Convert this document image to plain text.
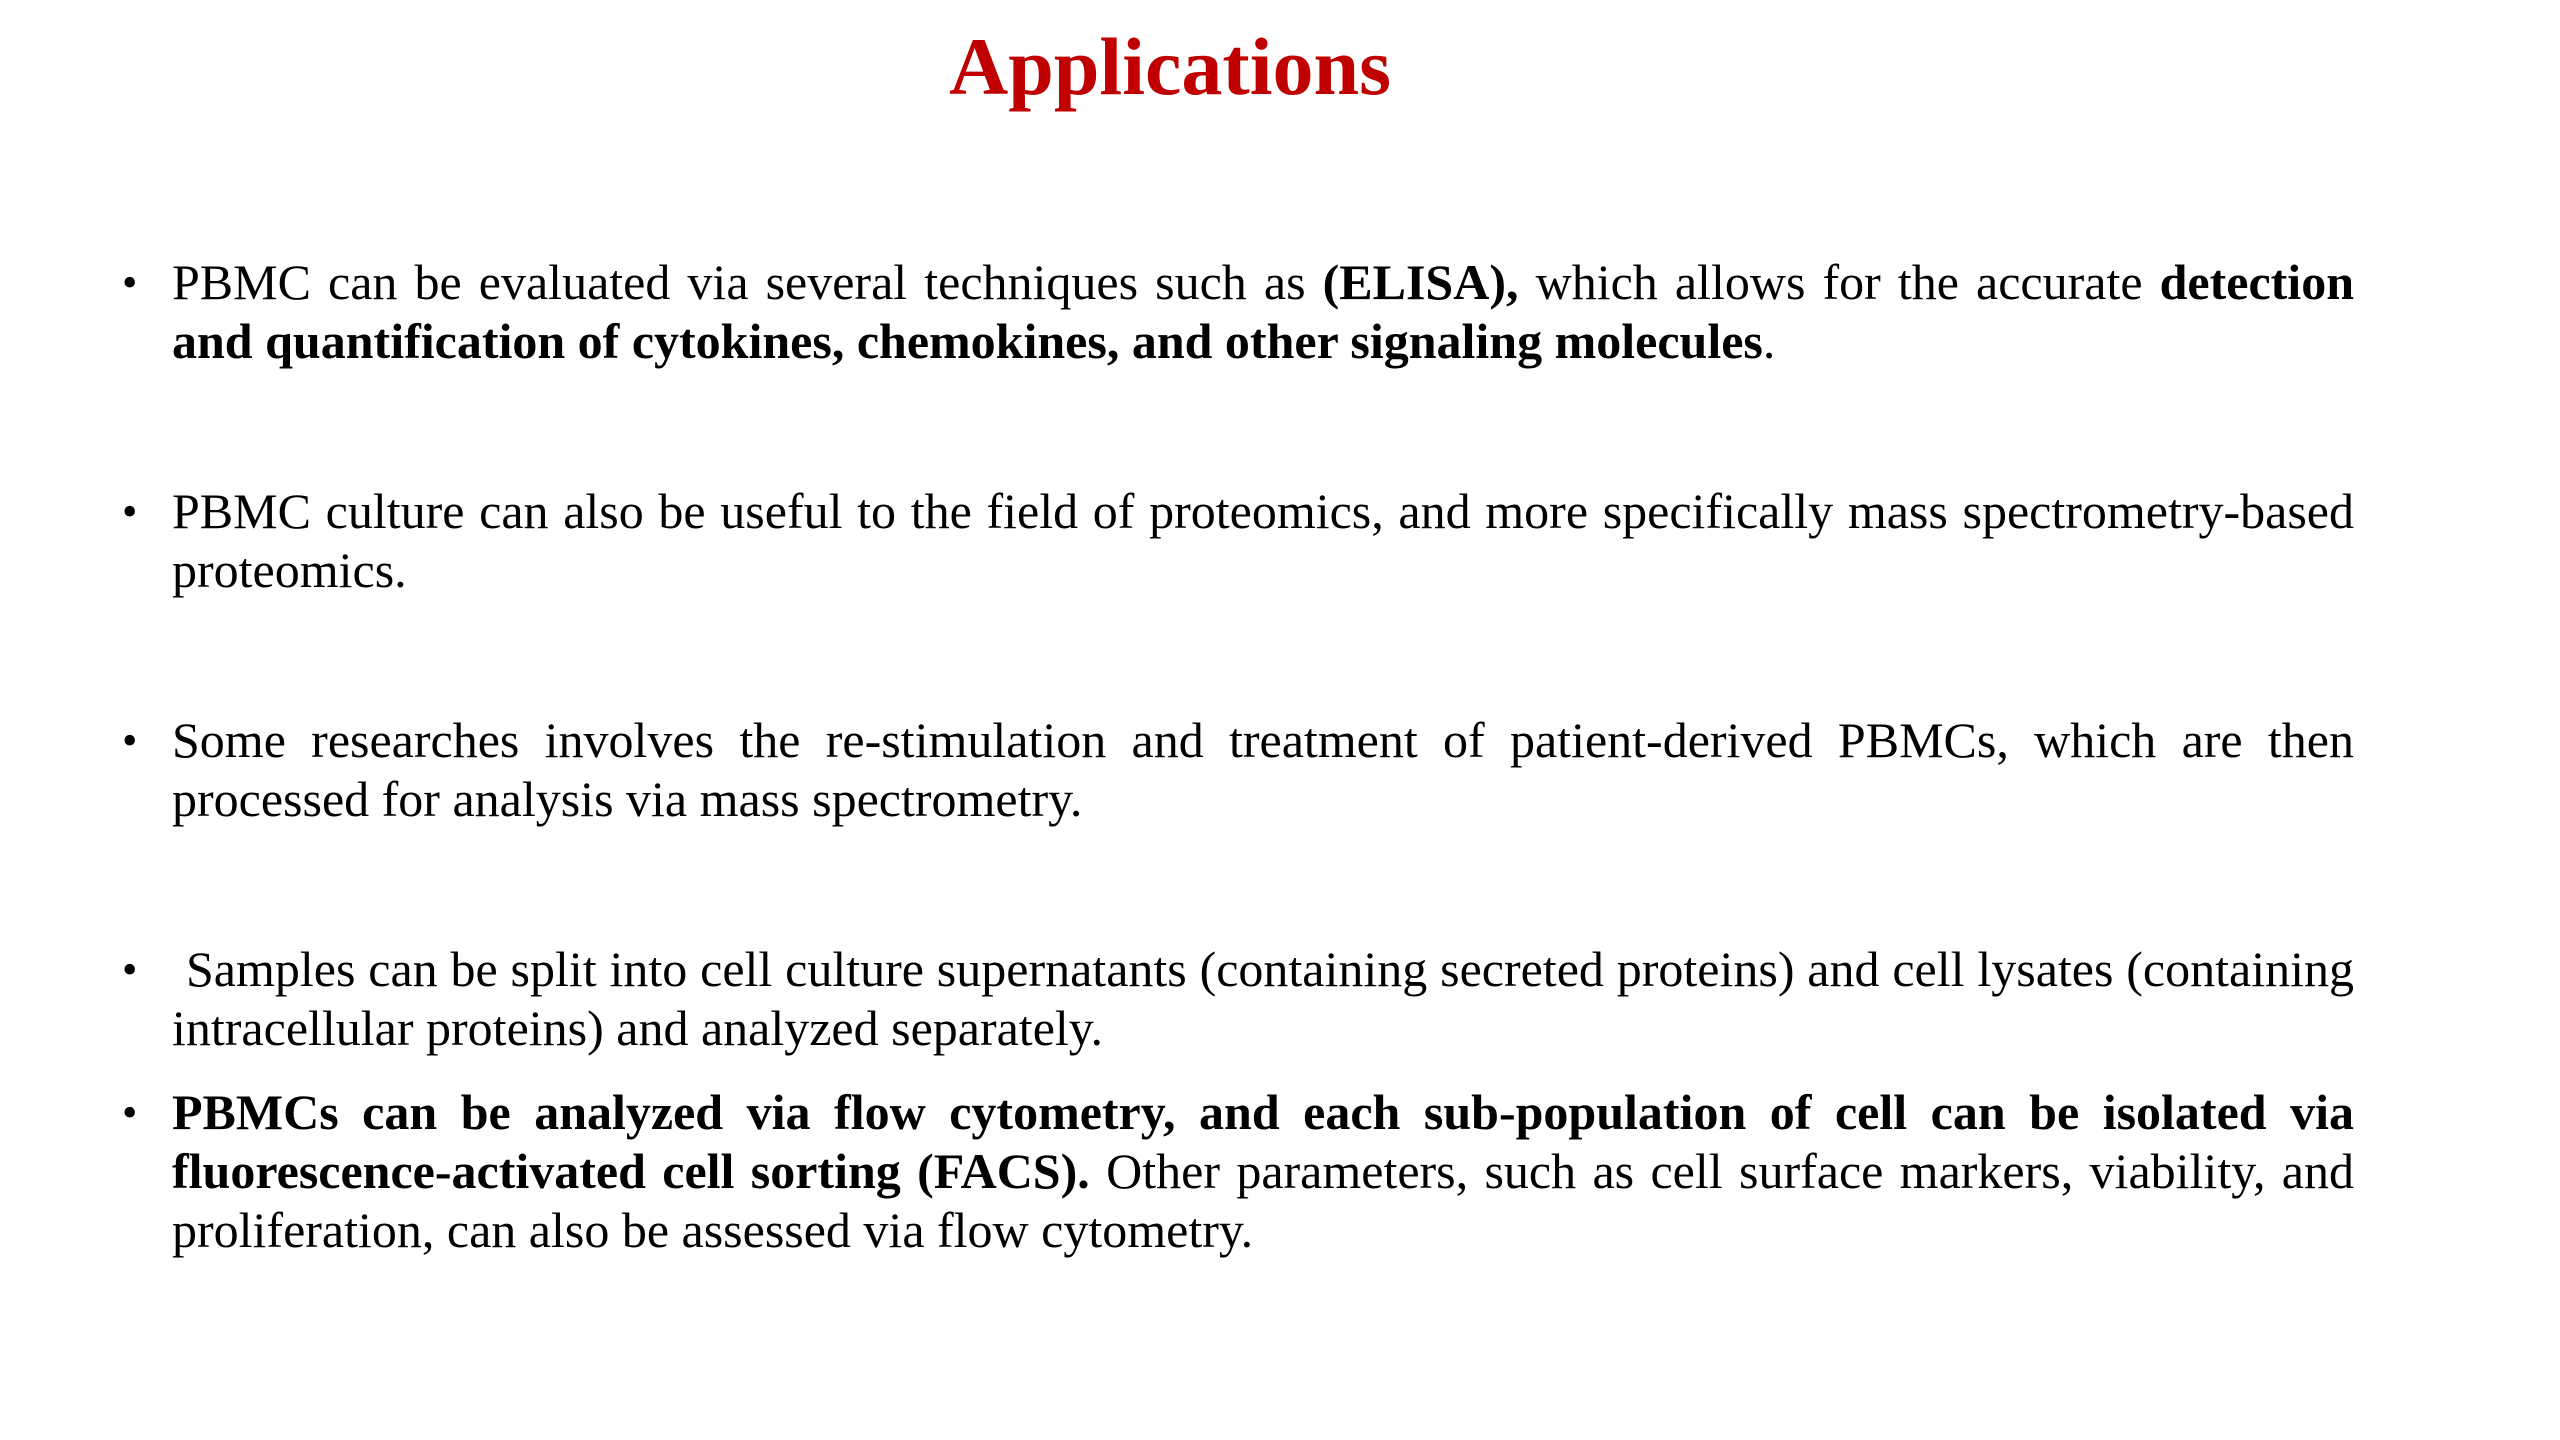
Applications
• PBMC can be evaluated via several techniques such as (ELISA), which allows for the accurate detection and quantification of cytokines, chemokines, and other signaling molecules.
• PBMC culture can also be useful to the field of proteomics, and more specifically mass spectrometry-based proteomics.
• Some researches involves the re-stimulation and treatment of patient-derived PBMCs, which are then processed for analysis via mass spectrometry.
• Samples can be split into cell culture supernatants (containing secreted proteins) and cell lysates (containing intracellular proteins) and analyzed separately.
• PBMCs can be analyzed via flow cytometry, and each sub-population of cell can be isolated via fluorescence-activated cell sorting (FACS). Other parameters, such as cell surface markers, viability, and proliferation, can also be assessed via flow cytometry.
